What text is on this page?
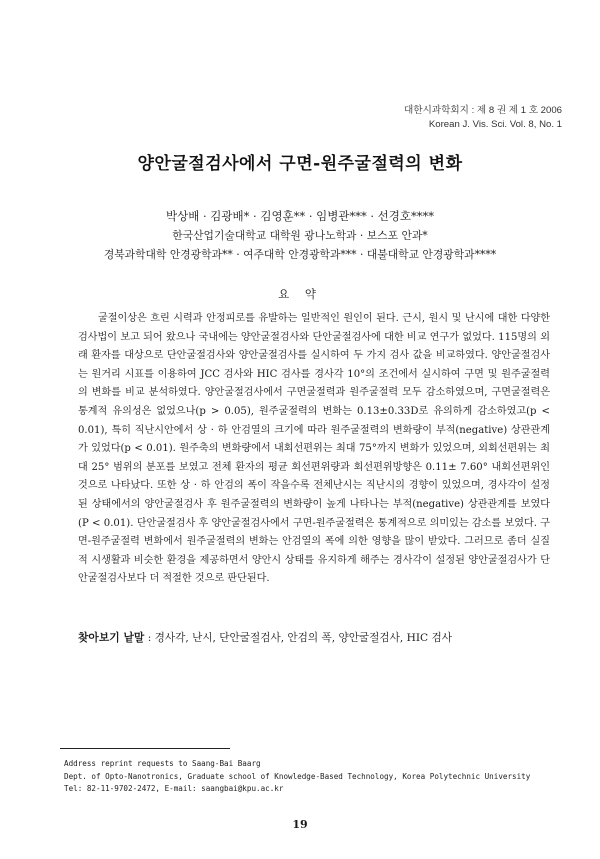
대한시과학회지 : 제 8 권 제 1 호 2006
Korean J. Vis. Sci. Vol. 8, No. 1
양안굴절검사에서 구면-원주굴절력의 변화
박상배 · 김광배* · 김영훈** · 임병관*** · 선경호****
한국산업기술대학교 대학원 광나노학과 · 보스포 안과*
경북과학대학 안경광학과** · 여주대학 안경광학과*** · 대불대학교 안경광학과****
요 약

굴절이상은 흐린 시력과 안정피로를 유발하는 일반적인 원인이 된다. 근시, 원시 및 난시에 대한 다양한 검사법이 보고 되어 왔으나 국내에는 양안굴절검사와 단안굴절검사에 대한 비교 연구가 없었다. 115명의 외래 환자를 대상으로 단안굴절검사와 양안굴절검사를 실시하여 두 가지 검사 값을 비교하였다. 양안굴절검사는 원거리 시표를 이용하여 JCC 검사와 HIC 검사를 경사각 10°의 조건에서 실시하여 구면 및 원주굴절력의 변화를 비교 분석하였다. 양안굴절검사에서 구면굴절력과 원주굴절력 모두 감소하였으며, 구면굴절력은 통계적 유의성은 없었으나(p > 0.05), 원주굴절력의 변화는 0.13±0.33D로 유의하게 감소하였고(p < 0.01), 특히 직난시안에서 상 · 하 안검열의 크기에 따라 원주굴절력의 변화량이 부적(negative) 상관관계가 있었다(p < 0.01). 원주축의 변화량에서 내회선편위는 최대 75°까지 변화가 있었으며, 외회선편위는 최대 25° 범위의 분포를 보였고 전체 환자의 평균 회선편위량과 회선편위방향은 0.11± 7.60° 내회선편위인 것으로 나타났다. 또한 상 · 하 안검의 폭이 작을수록 전체난시는 직난시의 경향이 있었으며, 경사각이 설정된 상태에서의 양안굴절검사 후 원주굴절력의 변화량이 높게 나타나는 부적(negative) 상관관계를 보였다(P < 0.01). 단안굴절검사 후 양안굴절검사에서 구면-원주굴절력은 통계적으로 의미있는 감소를 보였다. 구면-원주굴절력 변화에서 원주굴절력의 변화는 안검열의 폭에 의한 영향을 많이 받았다. 그러므로 좀더 실질적 시생활과 비슷한 환경을 제공하면서 양안시 상태를 유지하게 해주는 경사각이 설정된 양안굴절검사가 단안굴절검사보다 더 적절한 것으로 판단된다.

찾아보기 낱말 : 경사각, 난시, 단안굴절검사, 안검의 폭, 양안굴절검사, HIC 검사
Address reprint requests to Saang-Bai Baarg
Dept. of Opto-Nanotronics, Graduate school of Knowledge-Based Technology, Korea Polytechnic University
Tel: 82-11-9702-2472, E-mail: saangbai@kpu.ac.kr
19
